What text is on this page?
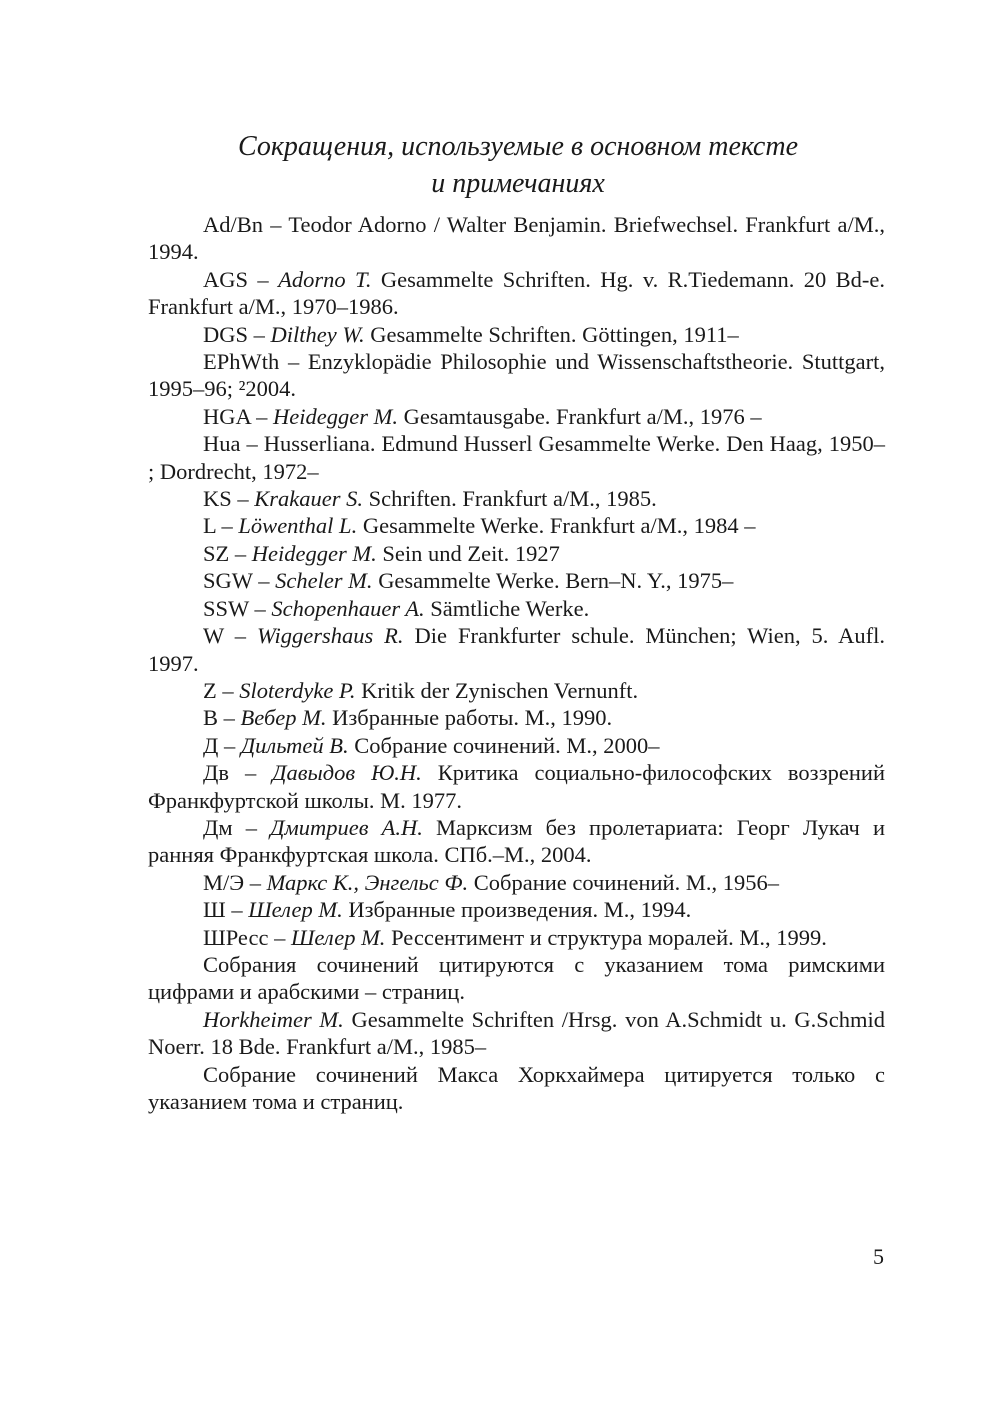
Сокращения, используемые в основном тексте
и примечаниях

Ad/Bn – Teodor Adorno / Walter Benjamin. Briefwechsel. Frankfurt a/M., 1994.

AGS – Adorno T. Gesammelte Schriften. Hg. v. R.Tiedemann. 20 Bd-e. Frankfurt a/M., 1970–1986.

DGS – Dilthey W. Gesammelte Schriften. Göttingen, 1911–

EPhWth – Enzyklopädie Philosophie und Wissenschaftstheorie. Stuttgart, 1995–96; ²2004.

HGA – Heidegger M. Gesamtausgabe. Frankfurt a/M., 1976 –

Hua – Husserliana. Edmund Husserl Gesammelte Werke. Den Haag, 1950– ; Dordrecht, 1972–

KS – Krakauer S. Schriften. Frankfurt a/M., 1985.

L – Löwenthal L. Gesammelte Werke. Frankfurt a/M., 1984 –

SZ – Heidegger M. Sein und Zeit. 1927

SGW – Scheler M. Gesammelte Werke. Bern–N. Y., 1975–

SSW – Schopenhauer A. Sämtliche Werke.

W – Wiggershaus R. Die Frankfurter schule. München; Wien, 5. Aufl. 1997.

Z – Sloterdyke P. Kritik der Zynischen Vernunft.

В – Вебер М. Избранные работы. М., 1990.

Д – Дильтей В. Собрание сочинений. М., 2000–

Дв – Давыдов Ю.Н. Критика социально-философских воззрений Франкфуртской школы. М. 1977.

Дм – Дмитриев А.Н. Марксизм без пролетариата: Георг Лукач и ранняя Франкфуртская школа. СПб.–М., 2004.

М/Э – Маркс К., Энгельс Ф. Собрание сочинений. М., 1956–

Ш – Шелер М. Избранные произведения. М., 1994.

ШРесс – Шелер М. Рессентимент и структура моралей. М., 1999.

Собрания сочинений цитируются с указанием тома римскими цифрами и арабскими – страниц.

Horkheimer M. Gesammelte Schriften /Hrsg. von A.Schmidt u. G.Schmid Noerr. 18 Bde. Frankfurt a/M., 1985–

Собрание сочинений Макса Хоркхаймера цитируется только с указанием тома и страниц.

5
